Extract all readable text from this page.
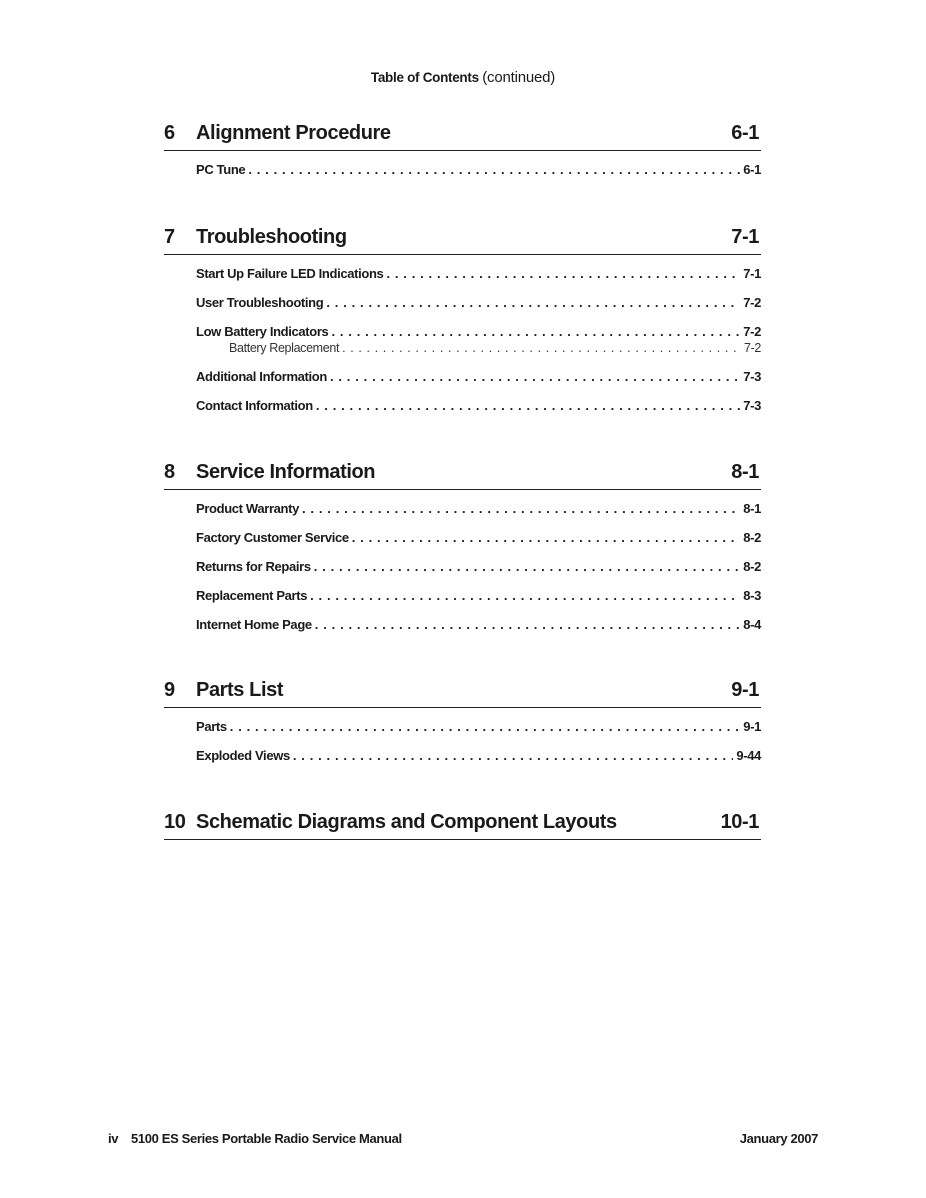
Table of Contents (continued)
6 Alignment Procedure	6-1
PC Tune . . .	6-1
7 Troubleshooting	7-1
Start Up Failure LED Indications . . .	7-1
User Troubleshooting . . .	7-2
Low Battery Indicators . . .	7-2
Battery Replacement . . .	7-2
Additional Information . . .	7-3
Contact Information . . .	7-3
8 Service Information	8-1
Product Warranty . . .	8-1
Factory Customer Service . . .	8-2
Returns for Repairs . . .	8-2
Replacement Parts . . .	8-3
Internet Home Page . . .	8-4
9 Parts List	9-1
Parts . . .	9-1
Exploded Views . . .	9-44
10 Schematic Diagrams and Component Layouts	10-1
iv 5100 ES Series Portable Radio Service Manual	January 2007
